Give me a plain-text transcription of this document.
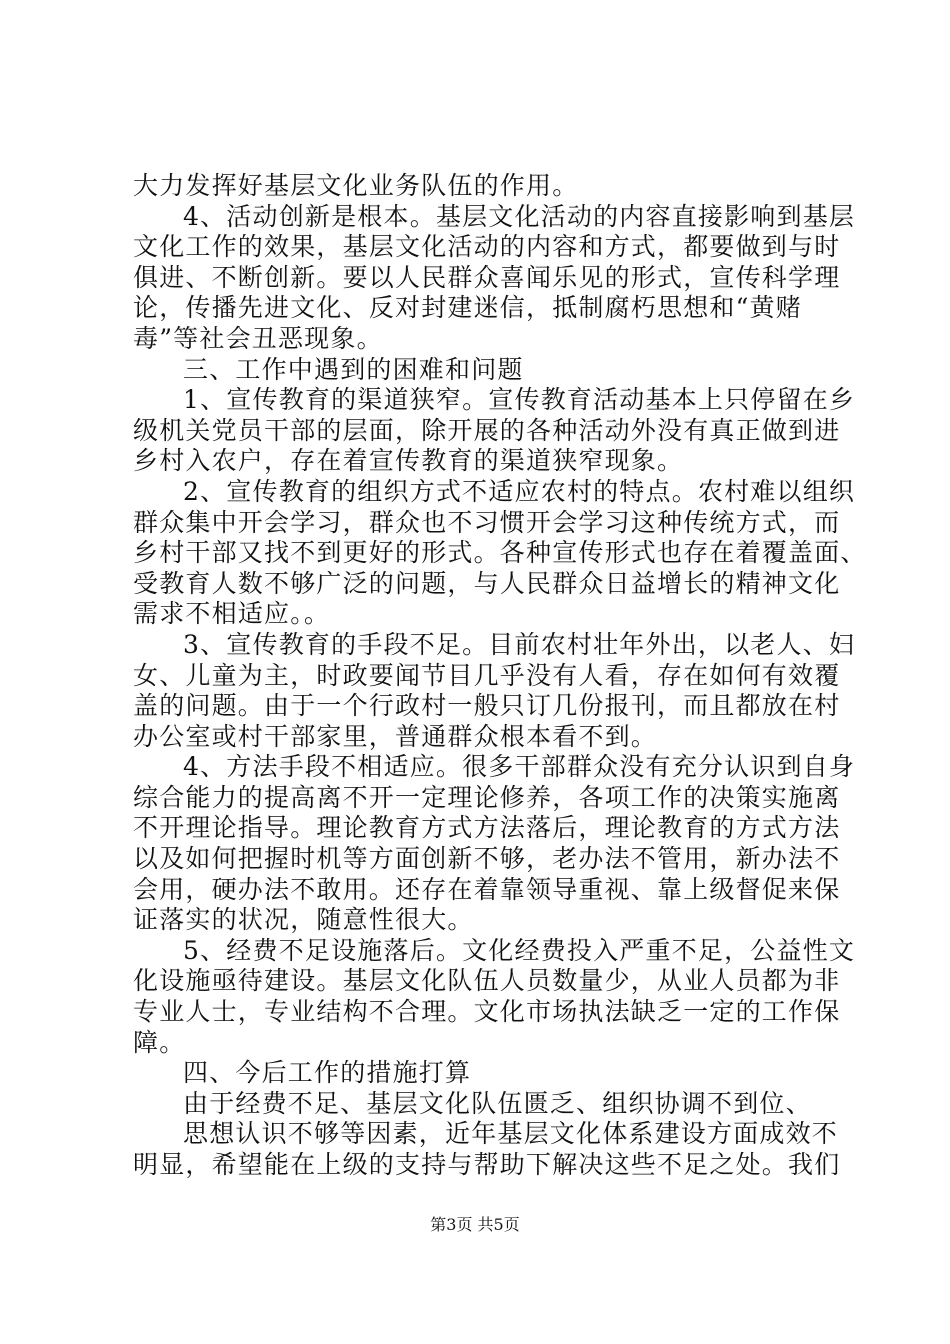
大力发挥好基层文化业务队伍的作用。
4、活动创新是根本。基层文化活动的内容直接影响到基层
文化工作的效果，基层文化活动的内容和方式，都要做到与时
俱进、不断创新。要以人民群众喜闻乐见的形式，宣传科学理
论，传播先进文化、反对封建迷信，抵制腐朽思想和“黄赌
毒”等社会丑恶现象。
三、工作中遇到的困难和问题
1、宣传教育的渠道狭窄。宣传教育活动基本上只停留在乡
级机关党员干部的层面，除开展的各种活动外没有真正做到进
乡村入农户，存在着宣传教育的渠道狭窄现象。
2、宣传教育的组织方式不适应农村的特点。农村难以组织
群众集中开会学习，群众也不习惯开会学习这种传统方式，而
乡村干部又找不到更好的形式。各种宣传形式也存在着覆盖面、
受教育人数不够广泛的问题，与人民群众日益增长的精神文化
需求不相适应。。
3、宣传教育的手段不足。目前农村壮年外出，以老人、妇
女、儿童为主，时政要闻节目几乎没有人看，存在如何有效覆
盖的问题。由于一个行政村一般只订几份报刊，而且都放在村
办公室或村干部家里，普通群众根本看不到。
4、方法手段不相适应。很多干部群众没有充分认识到自身
综合能力的提高离不开一定理论修养，各项工作的决策实施离
不开理论指导。理论教育方式方法落后，理论教育的方式方法
以及如何把握时机等方面创新不够，老办法不管用，新办法不
会用，硬办法不敢用。还存在着靠领导重视、靠上级督促来保
证落实的状况，随意性很大。
5、经费不足设施落后。文化经费投入严重不足，公益性文
化设施亟待建设。基层文化队伍人员数量少，从业人员都为非
专业人士，专业结构不合理。文化市场执法缺乏一定的工作保
障。
四、今后工作的措施打算
由于经费不足、基层文化队伍匮乏、组织协调不到位、
思想认识不够等因素，近年基层文化体系建设方面成效不
明显，希望能在上级的支持与帮助下解决这些不足之处。我们
第3页 共5页
